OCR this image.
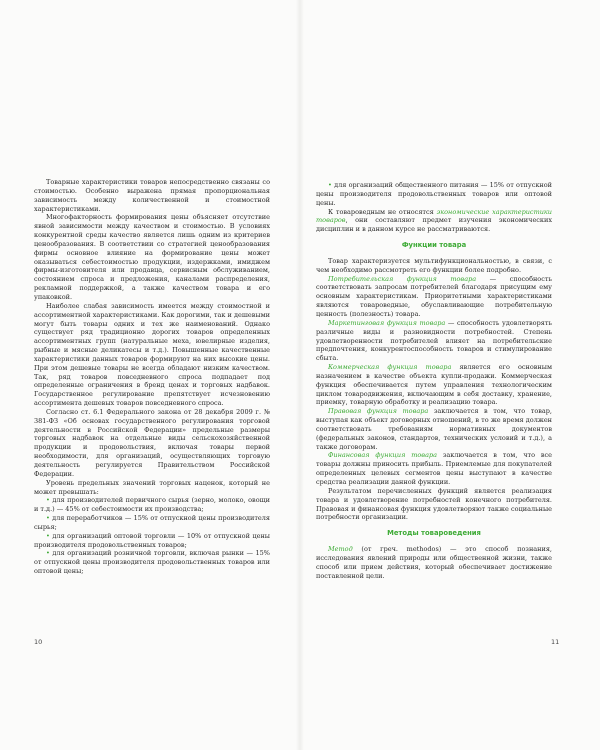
Товарные характеристики товаров непосредственно связаны со стоимостью. Особенно выражена прямая пропорциональная зависимость между количественной и стоимостной характеристиками.

Многофакторность формирования цены объясняет отсутствие явной зависимости между качеством и стоимостью. В условиях конкурентной среды качество является лишь одним из критериев ценообразования. В соответствии со стратегией ценообразования фирмы основное влияние на формирование цены может оказываться себестоимостью продукции, издержками, имиджем фирмы-изготовителя или продавца, сервисным обслуживанием, состоянием спроса и предложения, каналами распределения, рекламной поддержкой, а также качеством товара и его упаковкой.

Наиболее слабая зависимость имеется между стоимостной и ассортиментной характеристиками. Как дорогими, так и дешевыми могут быть товары одних и тех же наименований. Однако существует ряд традиционно дорогих товаров определенных ассортиментных групп (натуральные меха, ювелирные изделия, рыбные и мясные деликатесы и т.д.). Повышенные качественные характеристики данных товаров формируют на них высокие цены. При этом дешевые товары не всегда обладают низким качеством. Так, ряд товаров повседневного спроса подпадает под определенные ограничения в бренд ценах и торговых надбавок. Государственное регулирование препятствует исчезновению ассортимента дешевых товаров повседневного спроса.

Согласно ст. 6.1 Федерального закона от 28 декабря 2009 г. № 381-ФЗ «Об основах государственного регулирования торговой деятельности в Российской Федерации» предельные размеры торговых надбавок на отдельные виды сельскохозяйственной продукции и продовольствия, включая товары первой необходимости, для организаций, осуществляющих торговую деятельность регулируется Правительством Российской Федерации.

Уровень предельных значений торговых наценок, который не может превышать:

• для производителей первичного сырья (зерно, молоко, овощи и т.д.) — 45% от себестоимости их производства;

• для переработчиков — 15% от отпускной цены производителя сырья;

• для организаций оптовой торговли — 10% от отпускной цены производителя продовольственных товаров;

• для организаций розничной торговли, включая рынки — 15% от отпускной цены производителя продовольственных товаров или оптовой цены;

10

• для организаций общественного питания — 15% от отпускной цены производителя продовольственных товаров или оптовой цены.

К товароведным не относятся экономические характеристики товаров, они составляют предмет изучения экономических дисциплин и в данном курсе не рассматриваются.

Функции товара

Товар характеризуется мультифункциональностью, в связи, с чем необходимо рассмотреть его функции более подробно.

Потребительская функция товара — способность соответствовать запросам потребителей благодаря присущим ему основным характеристикам. Приоритетными характеристиками являются товароведные, обуславливающие потребительную ценность (полезность) товара.

Маркетинговая функция товара — способность удовлетворять различные виды и разновидности потребностей. Степень удовлетворенности потребителей влияет на потребительские предпочтения, конкурентоспособность товаров и стимулирование сбыта.

Коммерческая функция товара является его основным назначением в качестве объекта купли-продажи. Коммерческая функция обеспечивается путем управления технологическим циклом товародвижения, включающим в себя доставку, хранение, приемку, товарную обработку и реализацию товара.

Правовая функция товара заключается в том, что товар, выступая как объект договорных отношений, в то же время должен соответствовать требованиям нормативных документов (федеральных законов, стандартов, технических условий и т.д.), а также договорам.

Финансовая функция товара заключается в том, что все товары должны приносить прибыль. Приемлемые для покупателей определенных целевых сегментов цены выступают в качестве средства реализации данной функции.

Результатом перечисленных функций является реализация товара и удовлетворение потребностей конечного потребителя. Правовая и финансовая функция удовлетворяют также социальные потребности организации.

Методы товароведения

Метод (от греч. methodos) — это способ познания, исследования явлений природы или общественной жизни, также способ или прием действия, который обеспечивает достижение поставленной цели.

11
